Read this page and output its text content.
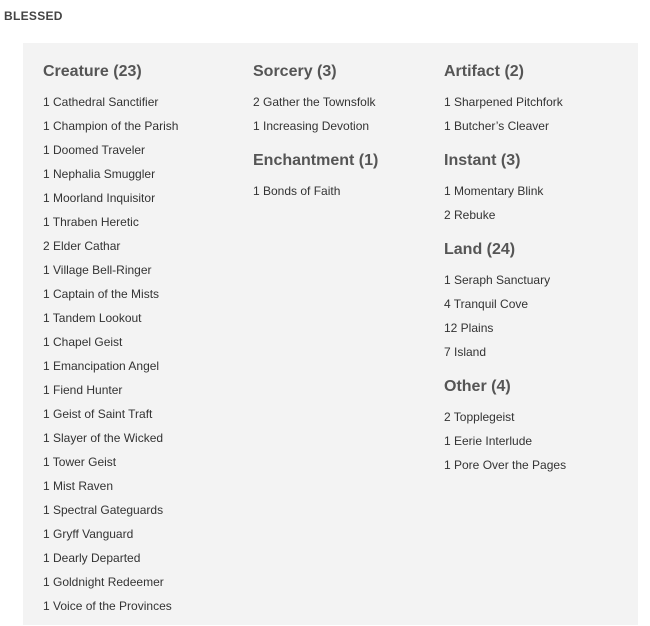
BLESSED
Creature (23)
1 Cathedral Sanctifier
1 Champion of the Parish
1 Doomed Traveler
1 Nephalia Smuggler
1 Moorland Inquisitor
1 Thraben Heretic
2 Elder Cathar
1 Village Bell-Ringer
1 Captain of the Mists
1 Tandem Lookout
1 Chapel Geist
1 Emancipation Angel
1 Fiend Hunter
1 Geist of Saint Traft
1 Slayer of the Wicked
1 Tower Geist
1 Mist Raven
1 Spectral Gateguards
1 Gryff Vanguard
1 Dearly Departed
1 Goldnight Redeemer
1 Voice of the Provinces
Sorcery (3)
2 Gather the Townsfolk
1 Increasing Devotion
Enchantment (1)
1 Bonds of Faith
Artifact (2)
1 Sharpened Pitchfork
1 Butcher’s Cleaver
Instant (3)
1 Momentary Blink
2 Rebuke
Land (24)
1 Seraph Sanctuary
4 Tranquil Cove
12 Plains
7 Island
Other (4)
2 Topplegeist
1 Eerie Interlude
1 Pore Over the Pages
